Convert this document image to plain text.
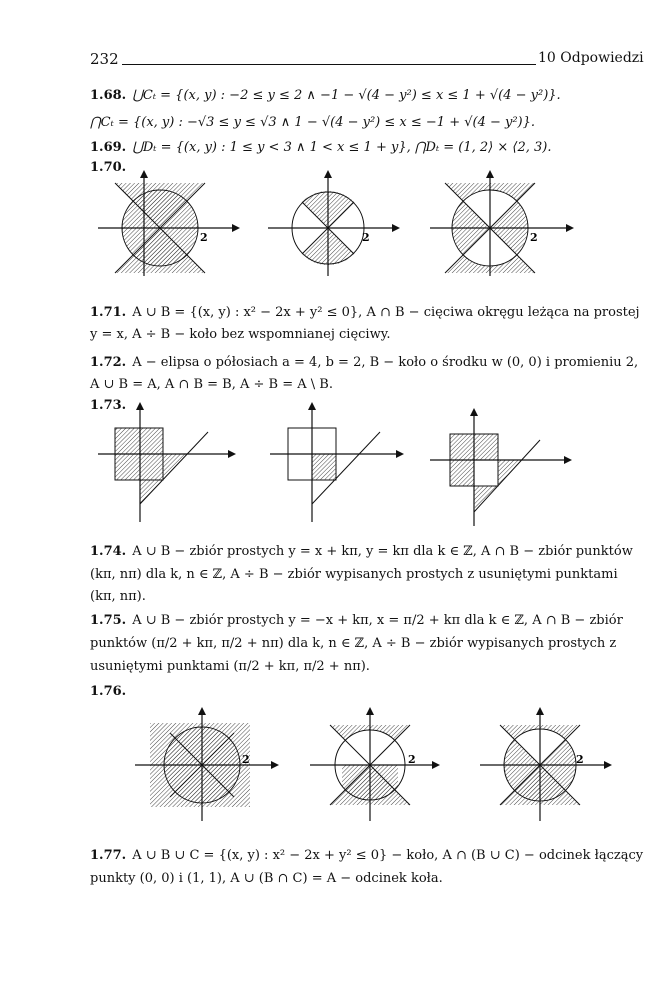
232	10 Odpowiedzi
1.68. ⋃Cₜ = {(x, y) : −2 ≤ y ≤ 2 ∧ −1 − √(4 − y²) ≤ x ≤ 1 + √(4 − y²)}.
⋂Cₜ = {(x, y) : −√3 ≤ y ≤ √3 ∧ 1 − √(4 − y²) ≤ x ≤ −1 + √(4 − y²)}.
1.69. ⋃Dₜ = {(x, y) : 1 ≤ y < 3 ∧ 1 < x ≤ 1 + y}, ⋂Dₜ = (1, 2⟩ × ⟨2, 3).
1.70.
2	2	2
1.71. A ∪ B = {(x, y) : x² − 2x + y² ≤ 0}, A ∩ B − cięciwa okręgu leżąca na prostej
y = x, A ÷ B − koło bez wspomnianej cięciwy.
1.72. A − elipsa o półosiach a = 4, b = 2, B − koło o środku w (0, 0) i promieniu 2,
A ∪ B = A, A ∩ B = B, A ÷ B = A \ B.
1.73.
1.74. A ∪ B − zbiór prostych y = x + kπ, y = kπ dla k ∈ ℤ, A ∩ B − zbiór punktów
(kπ, nπ) dla k, n ∈ ℤ, A ÷ B − zbiór wypisanych prostych z usuniętymi punktami
(kπ, nπ).
1.75. A ∪ B − zbiór prostych y = −x + kπ, x = π/2 + kπ dla k ∈ ℤ, A ∩ B − zbiór
punktów (π/2 + kπ, π/2 + nπ) dla k, n ∈ ℤ, A ÷ B − zbiór wypisanych prostych z
usuniętymi punktami (π/2 + kπ, π/2 + nπ).
1.76.
2	2	2
1.77. A ∪ B ∪ C = {(x, y) : x² − 2x + y² ≤ 0} − koło, A ∩ (B ∪ C) − odcinek łączący
punkty (0, 0) i (1, 1), A ∪ (B ∩ C) = A − odcinek koła.
